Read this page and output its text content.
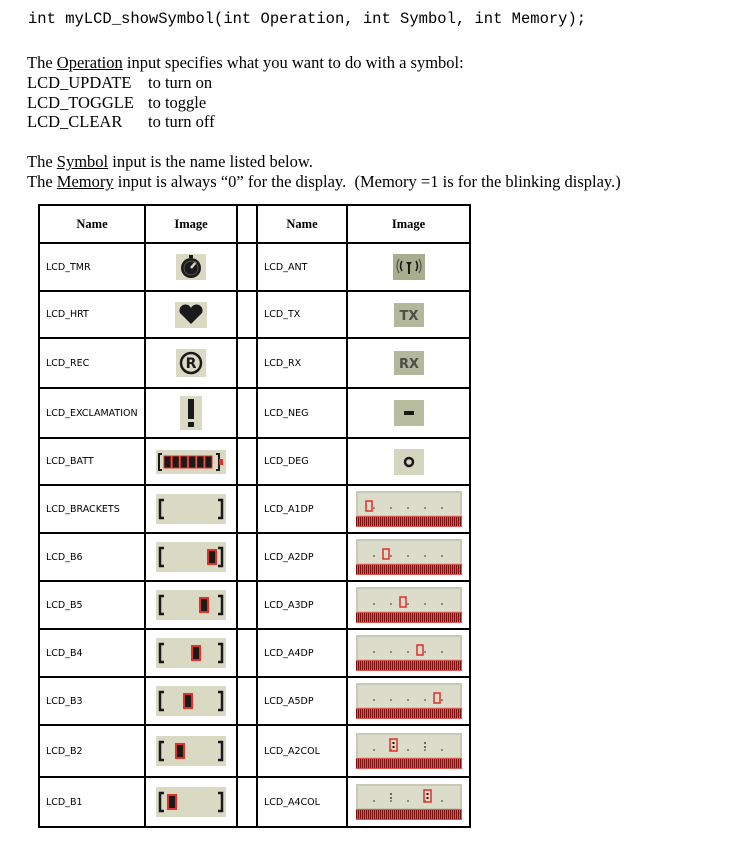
int myLCD_showSymbol(int Operation, int Symbol, int Memory);
The Operation input specifies what you want to do with a symbol:
LCD_UPDATE to turn on
LCD_TOGGLE to toggle
LCD_CLEAR to turn off
The Symbol input is the name listed below.
The Memory input is always “0” for the display.  (Memory =1 is for the blinking display.)
Name	Image		Name	Image
LCD_TMR			LCD_ANT	

LCD_HRT			LCD_TX	TX

LCD_REC	R		LCD_RX	RX

LCD_EXCLAMATION			LCD_NEG	

LCD_BATT			LCD_DEG	

LCD_BRACKETS			LCD_A1DP	

LCD_B6			LCD_A2DP	

LCD_B5			LCD_A3DP	

LCD_B4			LCD_A4DP	

LCD_B3			LCD_A5DP	

LCD_B2			LCD_A2COL	

LCD_B1			LCD_A4COL	
